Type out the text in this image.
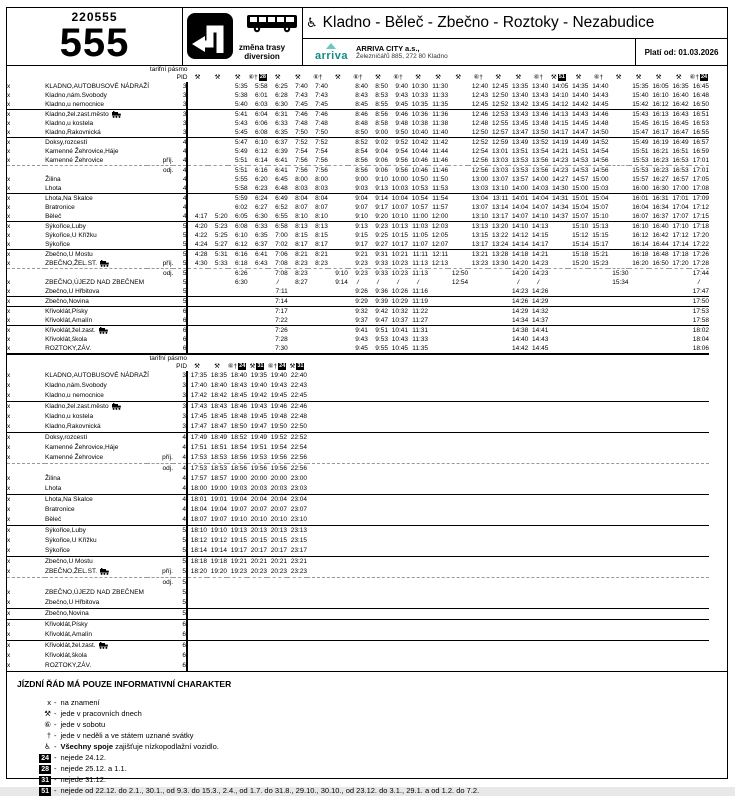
220555
555	změna trasy
diversion
♿ Kladno - Běleč - Zbečno - Roztoky - Nezabudice
arriva
ARRIVA CITY a.s.,
Železničářů 885, 272 80 Kladno	Platí od: 01.03.2026
tarifní pásmo																													
PID				⚒	⚒	⚒	⑥† 28	⚒	⚒	⑥†	⚒	⑥†	⚒	⑥†	⚒	⚒	⚒	⑥†	⚒	⚒	⑥†	⚒ 51	⚒	⑥†	⚒	⚒	⚒	⚒	⑥† 24
x	KLADNO,AUTOBUSOVÉ NÁDRAŽÍ		3			5:35	5:58	6:25	7:40	7:40		8:40	8:50	9:40	10:30	11:30		12:40	12:45	13:35	13:40	14:05	14:35	14:40		15:35	16:05	16:35	16:45
x	Kladno,nám.Svobody		3			5:38	6:01	6:28	7:43	7:43		8:43	8:53	9:43	10:33	11:33		12:43	12:50	13:40	13:43	14:10	14:40	14:43		15:40	16:10	16:40	16:48
x	Kladno,u nemocnice		3			5:40	6:03	6:30	7:45	7:45		8:45	8:55	9:45	10:35	11:35		12:45	12:52	13:42	13:45	14:12	14:42	14:45		15:42	16:12	16:42	16:50
x	Kladno,žel.zast.město		3			5:41	6:04	6:31	7:46	7:46		8:46	8:56	9:46	10:36	11:36		12:46	12:53	13:43	13:46	14:13	14:43	14:46		15:43	16:13	16:43	16:51
x	Kladno,u kostela		3			5:43	6:06	6:33	7:48	7:48		8:48	8:58	9:48	10:38	11:38		12:48	12:55	13:45	13:48	14:15	14:45	14:48		15:45	16:15	16:45	16:53
x	Kladno,Rakovnická		3			5:45	6:08	6:35	7:50	7:50		8:50	9:00	9:50	10:40	11:40		12:50	12:57	13:47	13:50	14:17	14:47	14:50		15:47	16:17	16:47	16:55
x	Doksy,rozcestí		4			5:47	6:10	6:37	7:52	7:52		8:52	9:02	9:52	10:42	11:42		12:52	12:59	13:49	13:52	14:19	14:49	14:52		15:49	16:19	16:49	16:57
x	Kamenné Žehrovice,Háje		4			5:49	6:12	6:39	7:54	7:54		8:54	9:04	9:54	10:44	11:44		12:54	13:01	13:51	13:54	14:21	14:51	14:54		15:51	16:21	16:51	16:59
x	Kamenné Žehrovice	příj.	4			5:51	6:14	6:41	7:56	7:56		8:56	9:06	9:56	10:46	11:46		12:56	13:03	13:53	13:56	14:23	14:53	14:56		15:53	16:23	16:53	17:01
		odj.	4			5:51	6:16	6:41	7:56	7:56		8:56	9:06	9:56	10:46	11:46		12:56	13:03	13:53	13:56	14:23	14:53	14:56		15:53	16:23	16:53	17:01
x	Žilina		4			5:55	6:20	6:45	8:00	8:00		9:00	9:10	10:00	10:50	11:50		13:00	13:07	13:57	14:00	14:27	14:57	15:00		15:57	16:27	16:57	17:05
x	Lhota		4			5:58	6:23	6:48	8:03	8:03		9:03	9:13	10:03	10:53	11:53		13:03	13:10	14:00	14:03	14:30	15:00	15:03		16:00	16:30	17:00	17:08
x	Lhota,Na Skalce		4			5:59	6:24	6:49	8:04	8:04		9:04	9:14	10:04	10:54	11:54		13:04	13:11	14:01	14:04	14:31	15:01	15:04		16:01	16:31	17:01	17:09
x	Bratronice		4			6:02	6:27	6:52	8:07	8:07		9:07	9:17	10:07	10:57	11:57		13:07	13:14	14:04	14:07	14:34	15:04	15:07		16:04	16:34	17:04	17:12
x	Běleč		4	4:17	5:20	6:05	6:30	6:55	8:10	8:10		9:10	9:20	10:10	11:00	12:00		13:10	13:17	14:07	14:10	14:37	15:07	15:10		16:07	16:37	17:07	17:15
x	Sýkořice,Luby		5	4:20	5:23	6:08	6:33	6:58	8:13	8:13		9:13	9:23	10:13	11:03	12:03		13:13	13:20	14:10	14:13		15:10	15:13		16:10	16:40	17:10	17:18
x	Sýkořice,U Křížku		5	4:22	5:25	6:10	6:35	7:00	8:15	8:15		9:15	9:25	10:15	11:05	12:05		13:15	13:22	14:12	14:15		15:12	15:15		16:12	16:42	17:12	17:20
x	Sýkořice		5	4:24	5:27	6:12	6:37	7:02	8:17	8:17		9:17	9:27	10:17	11:07	12:07		13:17	13:24	14:14	14:17		15:14	15:17		16:14	16:44	17:14	17:22
x	Zbečno,U Mostu		5	4:28	5:31	6:16	6:41	7:06	8:21	8:21		9:21	9:31	10:21	11:11	12:11		13:21	13:28	14:18	14:21		15:18	15:21		16:18	16:48	17:18	17:26
x	ZBEČNO,ŽEL.ST.	příj.	5	4:30	5:33	6:18	6:43	7:08	8:23	8:23		9:23	9:33	10:23	11:13	12:13		13:23	13:30	14:20	14:23		15:20	15:23		16:20	16:50	17:20	17:28
		odj.	5			6:26		7:08	8:23		9:10	9:23	9:33	10:23	11:13		12:50			14:20	14:23				15:30				17:44
x	ZBEČNO,ÚJEZD NAD ZBEČNEM		5			6:30		/	8:27		9:14	/	/	/	/		12:54			/	/				15:34				/
x	Zbečno,U Hřbitova		5					7:11				9:26	9:36	10:26	11:16					14:23	14:26								17:47
x	Zbečno,Novina		5					7:14				9:29	9:39	10:29	11:19					14:26	14:29								17:50
x	Křivoklát,Písky		6					7:17				9:32	9:42	10:32	11:22					14:29	14:32								17:53
x	Křivoklát,Amalín		6					7:22				9:37	9:47	10:37	11:27					14:34	14:37								17:58
x	Křivoklát,žel.zast.		6					7:26				9:41	9:51	10:41	11:31					14:38	14:41								18:02
x	Křivoklát,škola		6					7:28				9:43	9:53	10:43	11:33					14:40	14:43								18:04
x	ROZTOKY,ZÁV.		6					7:30				9:45	9:55	10:45	11:35					14:42	14:45								18:06
tarifní pásmo										
PID				⚒	⚒	⑥† 24	⚒ 31	⑥† 24	⚒ 31	
x	KLADNO,AUTOBUSOVÉ NÁDRAŽÍ		3	17:35	18:35	18:40	19:35	19:40	22:40	
x	Kladno,nám.Svobody		3	17:40	18:40	18:43	19:40	19:43	22:43	
x	Kladno,u nemocnice		3	17:42	18:42	18:45	19:42	19:45	22:45	
x	Kladno,žel.zast.město		3	17:43	18:43	18:46	19:43	19:46	22:46	
x	Kladno,u kostela		3	17:45	18:45	18:48	19:45	19:48	22:48	
x	Kladno,Rakovnická		3	17:47	18:47	18:50	19:47	19:50	22:50	
x	Doksy,rozcestí		4	17:49	18:49	18:52	19:49	19:52	22:52	
x	Kamenné Žehrovice,Háje		4	17:51	18:51	18:54	19:51	19:54	22:54	
x	Kamenné Žehrovice	příj.	4	17:53	18:53	18:56	19:53	19:56	22:56	
		odj.	4	17:53	18:53	18:56	19:56	19:56	22:56	
x	Žilina		4	17:57	18:57	19:00	20:00	20:00	23:00	
x	Lhota		4	18:00	19:00	19:03	20:03	20:03	23:03	
x	Lhota,Na Skalce		4	18:01	19:01	19:04	20:04	20:04	23:04	
x	Bratronice		4	18:04	19:04	19:07	20:07	20:07	23:07	
x	Běleč		4	18:07	19:07	19:10	20:10	20:10	23:10	
x	Sýkořice,Luby		5	18:10	19:10	19:13	20:13	20:13	23:13	
x	Sýkořice,U Křížku		5	18:12	19:12	19:15	20:15	20:15	23:15	
x	Sýkořice		5	18:14	19:14	19:17	20:17	20:17	23:17	
x	Zbečno,U Mostu		5	18:18	19:18	19:21	20:21	20:21	23:21	
x	ZBEČNO,ŽEL.ST.	příj.	5	18:20	19:20	19:23	20:23	20:23	23:23	
		odj.	5							
x	ZBEČNO,ÚJEZD NAD ZBEČNEM		5							
x	Zbečno,U Hřbitova		5							
x	Zbečno,Novina		5							
x	Křivoklát,Písky		6							
x	Křivoklát,Amalín		6							
x	Křivoklát,žel.zast.		6							
x	Křivoklát,škola		6							
x	ROZTOKY,ZÁV.		6							
JÍZDNÍ ŘÁD MÁ POUZE INFORMATIVNÍ CHARAKTER
x - na znamení
⚒ - jede v pracovních dnech
⑥ - jede v sobotu
† - jede v neděli a ve státem uznané svátky
♿ - Všechny spoje zajišťuje nízkopodlažní vozidlo.
24 - nejede 24.12.
28 - nejede 25.12. a 1.1.
31 - nejede 31.12.
51 - nejede od 22.12. do 2.1., 30.1., od 9.3. do 15.3., 2.4., od 1.7. do 31.8., 29.10., 30.10., od 23.12. do 3.1., 29.1. a od 1.2. do 7.2.
